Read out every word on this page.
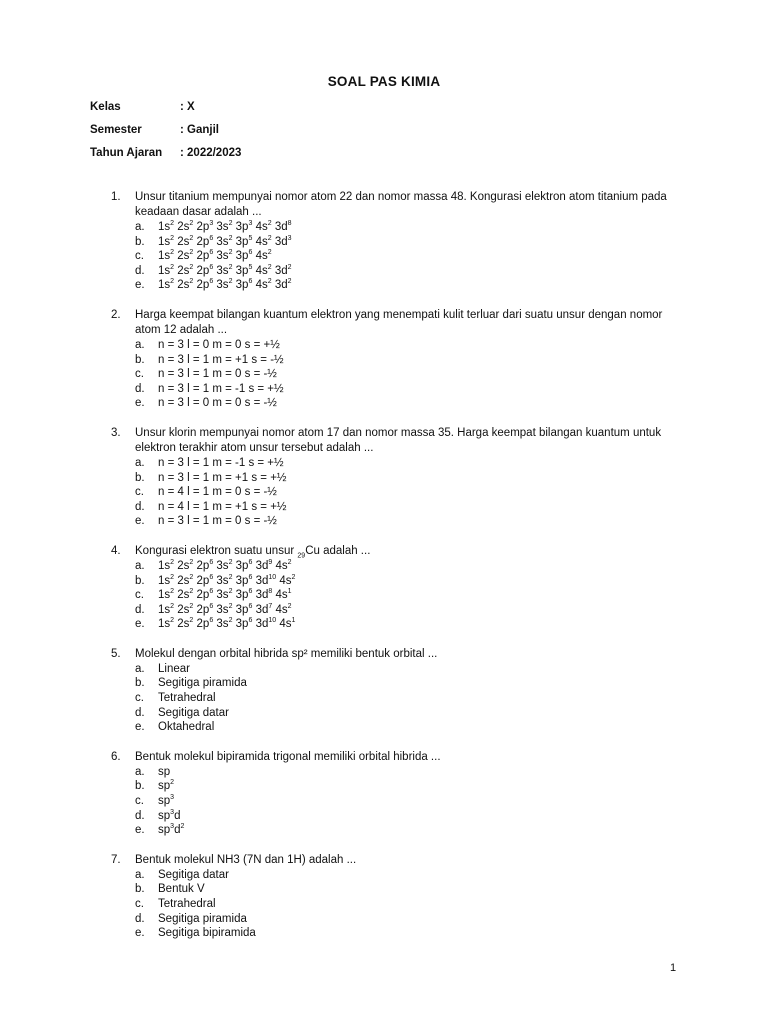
SOAL PAS KIMIA
Kelas	: X
Semester	: Ganjil
Tahun Ajaran : 2022/2023
1.	Unsur titanium mempunyai nomor atom 22 dan nomor massa 48. Kongurasi elektron atom titanium pada keadaan dasar adalah ...
a.	$1s^2$ $2s^2$ $2p^3$ $3s^2$ $3p^3$ $4s^2$ $3d^8$
b.	$1s^2$ $2s^2$ $2p^6$ $3s^2$ $3p^5$ $4s^2$ $3d^3$
c.	$1s^2$ $2s^2$ $2p^6$ $3s^2$ $3p^6$ $4s^2$
d.	$1s^2$ $2s^2$ $2p^6$ $3s^2$ $3p^5$ $4s^2$ $3d^2$
e.	$1s^2$ $2s^2$ $2p^6$ $3s^2$ $3p^6$ $4s^2$ $3d^2$
2.	Harga keempat bilangan kuantum elektron yang menempati kulit terluar dari suatu unsur dengan nomor atom 12 adalah ...
a.	n = 3 l = 0 m = 0 s = +½
b.	n = 3 l = 1 m = +1 s = -½
c.	n = 3 l = 1 m = 0 s = -½
d.	n = 3 l = 1 m = -1 s = +½
e.	n = 3 l = 0 m = 0 s = -½
3.	Unsur klorin mempunyai nomor atom 17 dan nomor massa 35. Harga keempat bilangan kuantum untuk elektron terakhir atom unsur tersebut adalah ...
a.	n = 3 l = 1 m = -1 s = +½
b.	n = 3 l = 1 m = +1 s = +½
c.	n = 4 l = 1 m = 0 s = -½
d.	n = 4 l = 1 m = +1 s = +½
e.	n = 3 l = 1 m = 0 s = -½
4.	Kongurasi elektron suatu unsur $_{29}$Cu adalah ...
a.	$1s^2$ $2s^2$ $2p^6$ $3s^2$ $3p^6$ $3d^9$ $4s^2$
b.	$1s^2$ $2s^2$ $2p^6$ $3s^2$ $3p^6$ $3d^{10}$ $4s^2$
c.	$1s^2$ $2s^2$ $2p^6$ $3s^2$ $3p^6$ $3d^8$ $4s^1$
d.	$1s^2$ $2s^2$ $2p^6$ $3s^2$ $3p^6$ $3d^7$ $4s^2$
e.	$1s^2$ $2s^2$ $2p^6$ $3s^2$ $3p^6$ $3d^{10}$ $4s^1$
5.	Molekul dengan orbital hibrida sp² memiliki bentuk orbital ...
a.	Linear
b.	Segitiga piramida
c.	Tetrahedral
d.	Segitiga datar
e.	Oktahedral
6.	Bentuk molekul bipiramida trigonal memiliki orbital hibrida ...
a.	sp
b.	$sp^2$
c.	$sp^3$
d.	$sp^3d$
e.	$sp^3d^2$
7.	Bentuk molekul NH3 (7N dan 1H) adalah ...
a.	Segitiga datar
b.	Bentuk V
c.	Tetrahedral
d.	Segitiga piramida
e.	Segitiga bipiramida
1
